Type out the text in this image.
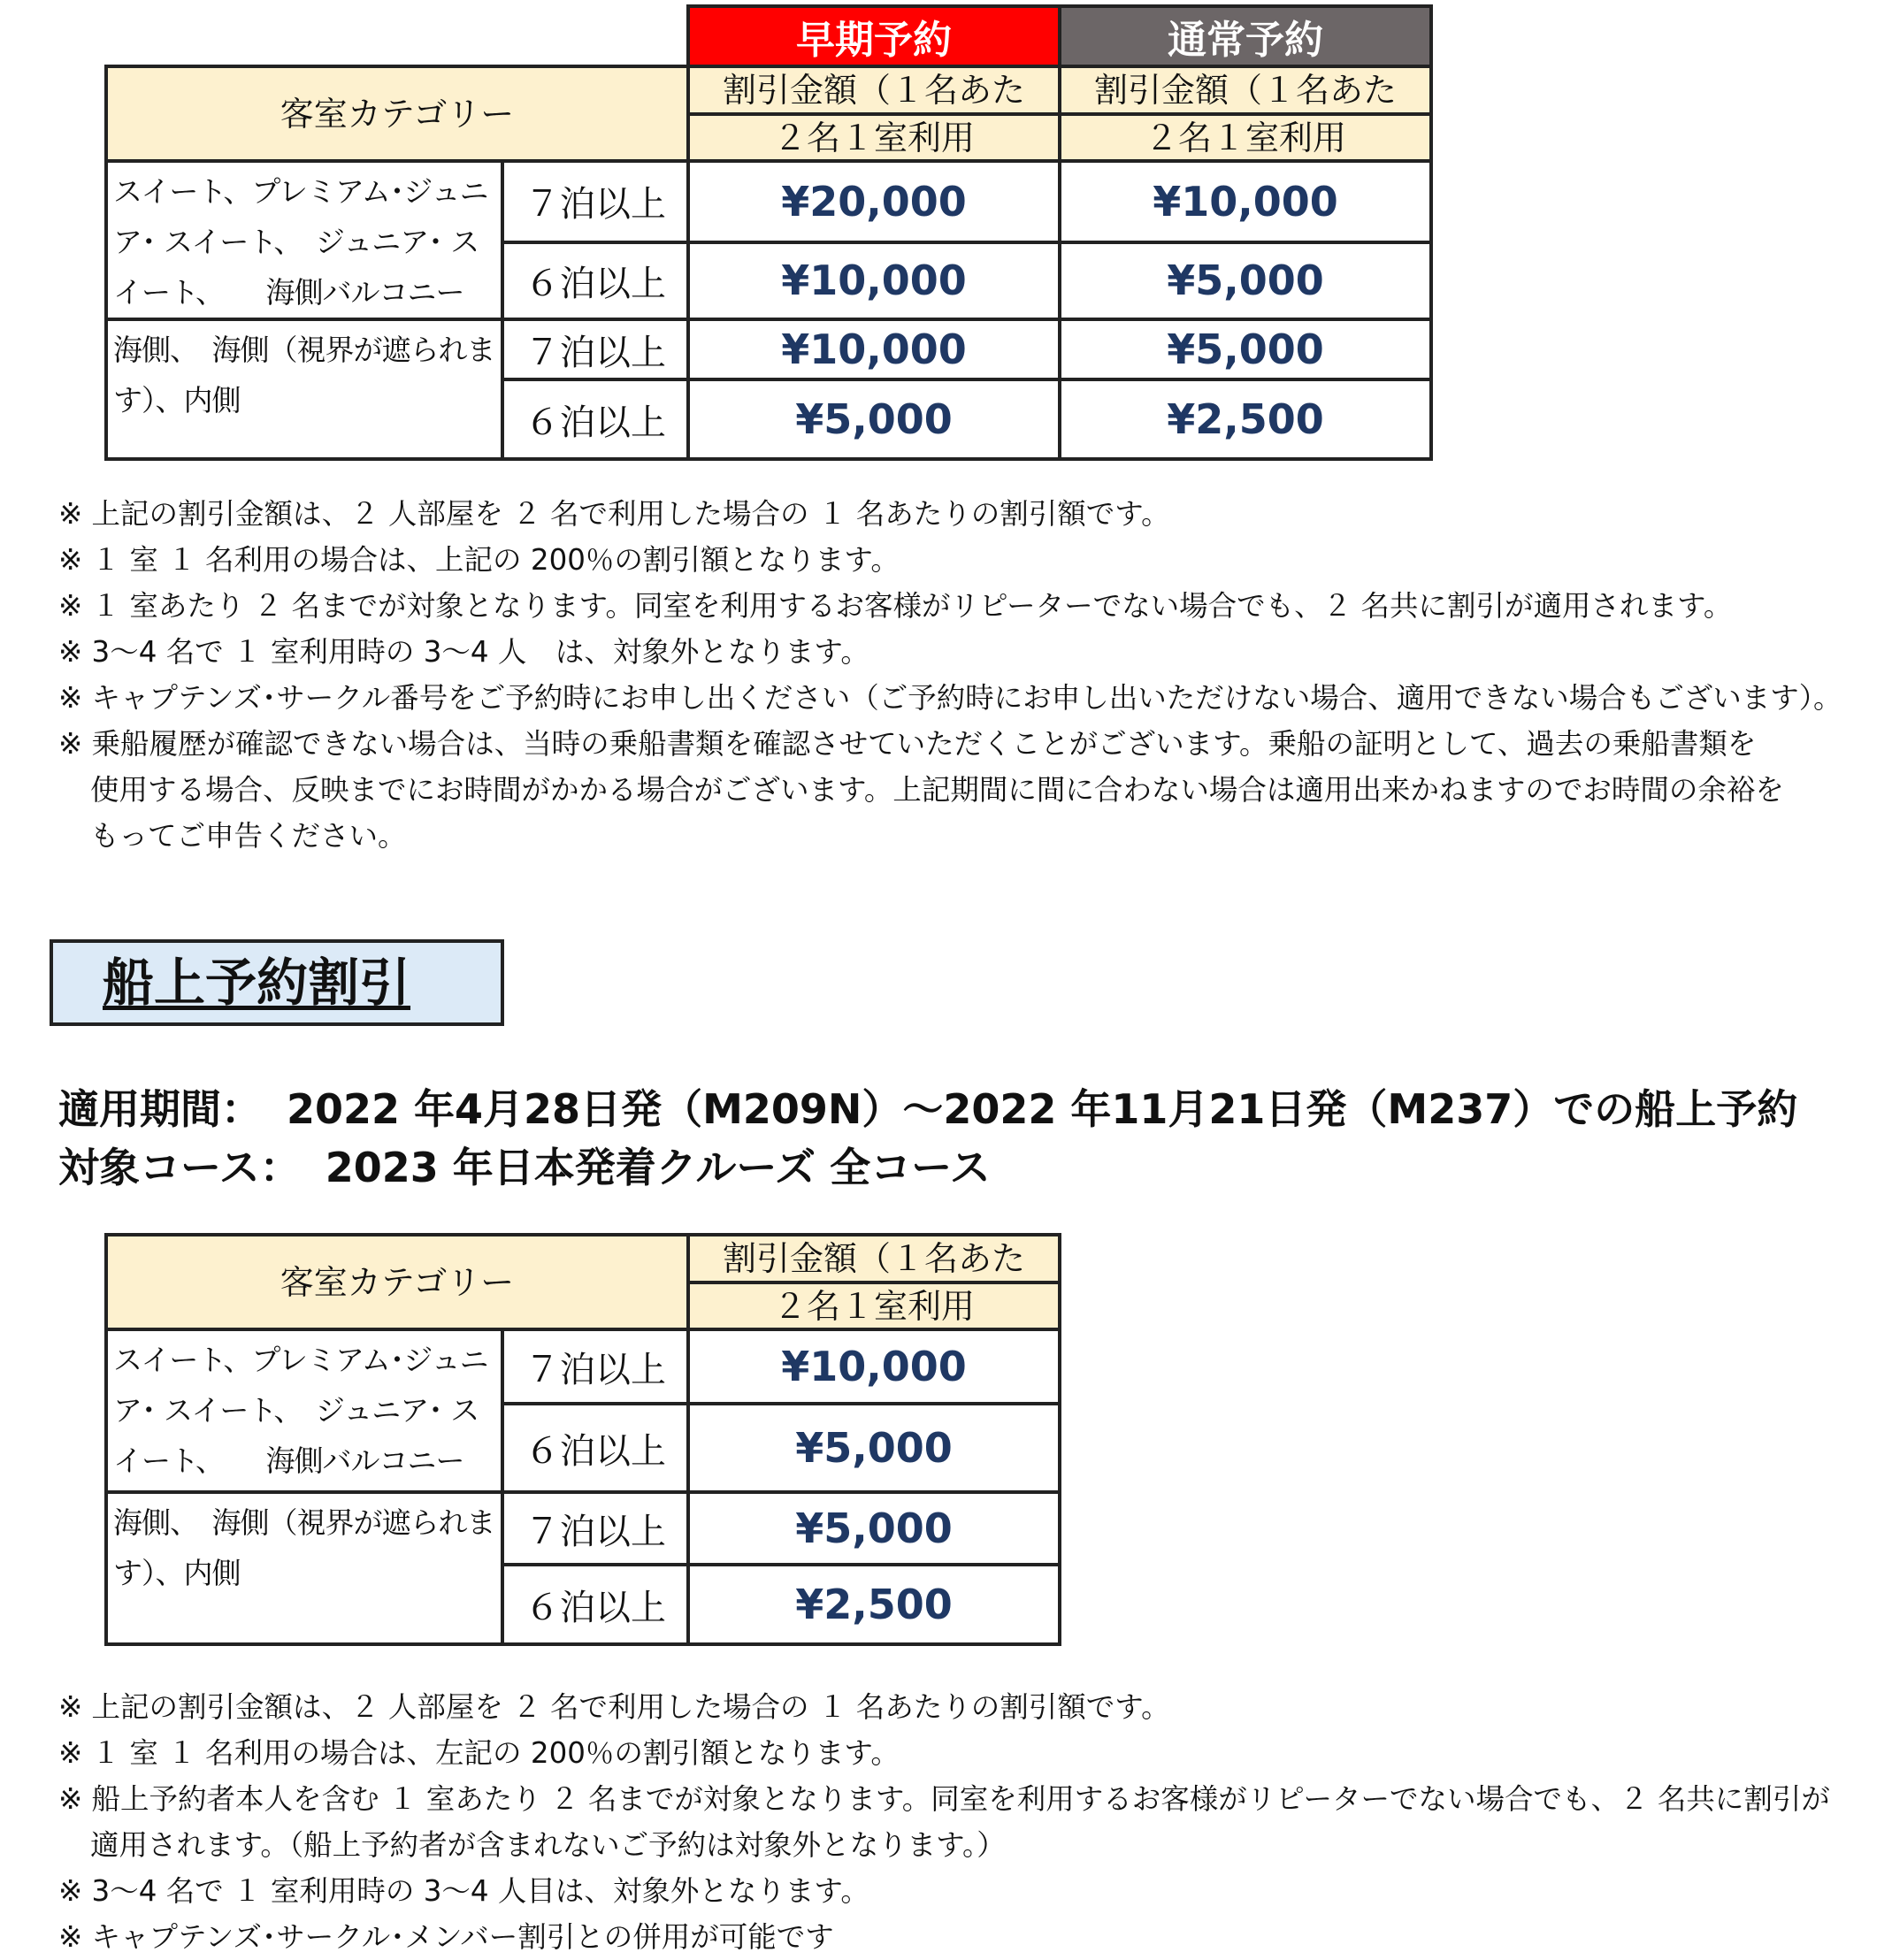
		早期予約	通常予約
客室カテゴリー		割引金額（１名あた	割引金額（１名あた
		２名１室利用	２名１室利用
スイート、プレミアム･ジュニア･ スイート、　ジュニア･ スイート、　　海側バルコニー	７泊以上	¥20,000	¥10,000
	６泊以上	¥10,000	¥5,000
海側、　海側（視界が遮られます）、内側	７泊以上	¥10,000	¥5,000
	６泊以上	¥5,000	¥2,500
※ 上記の割引金額は、２ 人部屋を ２ 名で利用した場合の １ 名あたりの割引額です。
※ １ 室 １ 名利用の場合は、上記の 200％の割引額となります。
※ １ 室あたり ２ 名までが対象となります。同室を利用するお客様がリピーターでない場合でも、２ 名共に割引が適用されます。
※ 3～4 名で １ 室利用時の 3～4 人　は、対象外となります。
※ キャプテンズ･サークル番号をご予約時にお申し出ください（ご予約時にお申し出いただけない場合、適用できない場合もございます）。
※ 乗船履歴が確認できない場合は、当時の乗船書類を確認させていただくことがございます。乗船の証明として、過去の乗船書類を
使用する場合、反映までにお時間がかかる場合がございます。上記期間に間に合わない場合は適用出来かねますのでお時間の余裕を
もってご申告ください。
船上予約割引
適用期間： 2022 年4月28日発（M209N）～2022 年11月21日発（M237）での船上予約
対象コース： 2023 年日本発着クルーズ 全コース
客室カテゴリー		割引金額（１名あた
		２名１室利用
スイート、プレミアム･ジュニア･ スイート、　ジュニア･ スイート、　　海側バルコニー	７泊以上	¥10,000
	６泊以上	¥5,000
海側、　海側（視界が遮られます）、内側	７泊以上	¥5,000
	６泊以上	¥2,500
※ 上記の割引金額は、２ 人部屋を ２ 名で利用した場合の １ 名あたりの割引額です。
※ １ 室 １ 名利用の場合は、左記の 200％の割引額となります。
※ 船上予約者本人を含む １ 室あたり ２ 名までが対象となります。同室を利用するお客様がリピーターでない場合でも、２ 名共に割引が
適用されます。（船上予約者が含まれないご予約は対象外となります。）
※ 3～4 名で １ 室利用時の 3～4 人目は、対象外となります。
※ キャプテンズ･サークル･メンバー割引との併用が可能です
